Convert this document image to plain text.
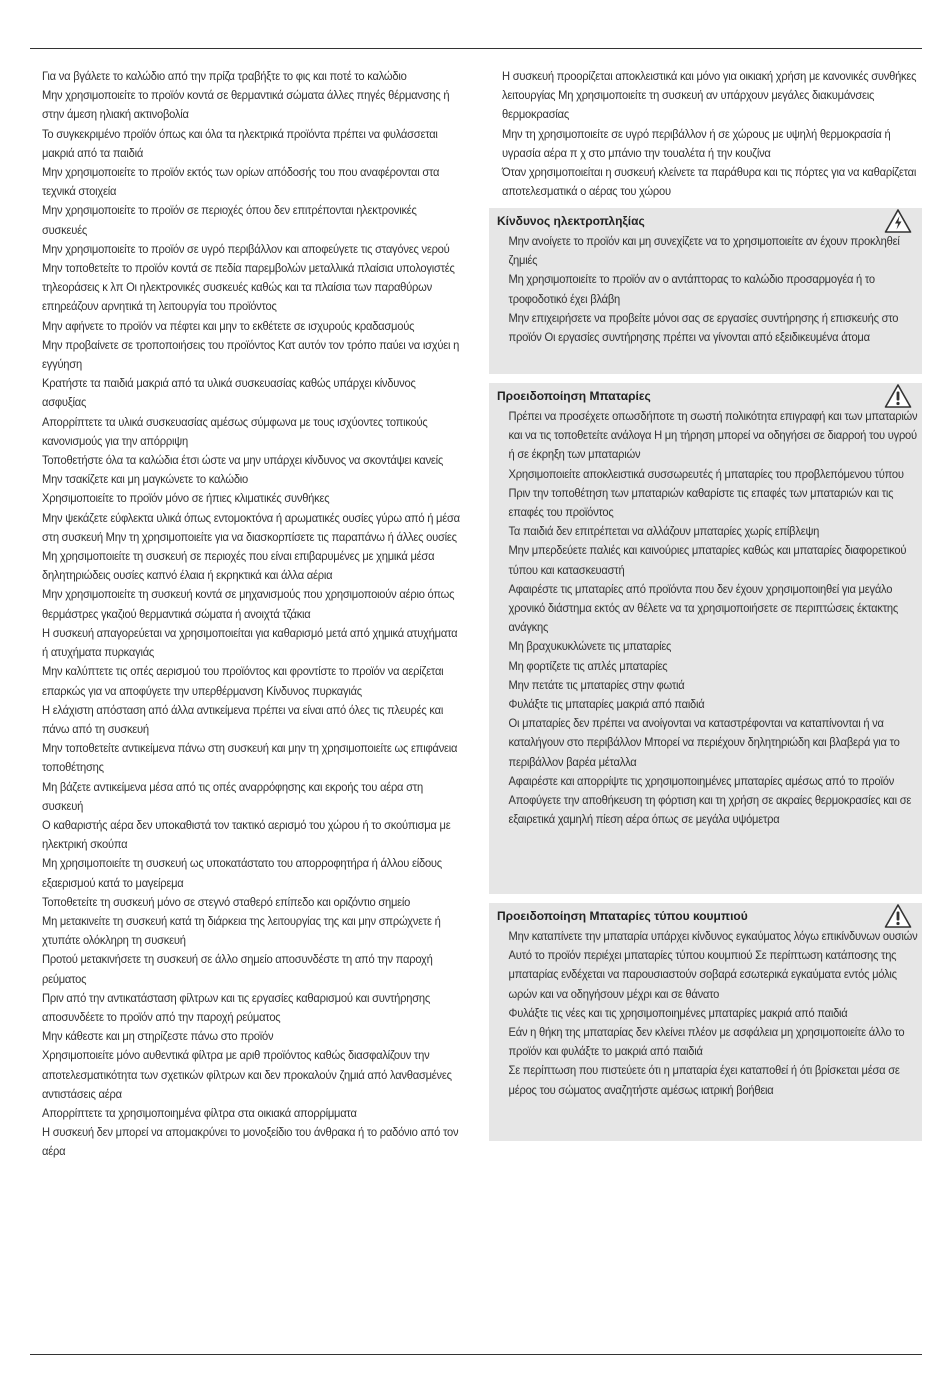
Για να βγάλετε το καλώδιο από την πρίζα τραβήξτε το φις και ποτέ το καλώδιο

Μην χρησιμοποιείτε το προϊόν κοντά σε θερμαντικά σώματα άλλες πηγές θέρμανσης ή στην άμεση ηλιακή ακτινοβολία

Το συγκεκριμένο προϊόν όπως και όλα τα ηλεκτρικά προϊόντα πρέπει να φυλάσσεται μακριά από τα παιδιά

Μην χρησιμοποιείτε το προϊόν εκτός των ορίων απόδοσής του που αναφέρονται στα τεχνικά στοιχεία

Μην χρησιμοποιείτε το προϊόν σε περιοχές όπου δεν επιτρέπονται ηλεκτρονικές συσκευές

Μην χρησιμοποιείτε το προϊόν σε υγρό περιβάλλον και αποφεύγετε τις σταγόνες νερού

Μην τοποθετείτε το προϊόν κοντά σε πεδία παρεμβολών μεταλλικά πλαίσια υπολογιστές τηλεοράσεις κ λπ Οι ηλεκτρονικές συσκευές καθώς και τα πλαίσια των παραθύρων επηρεάζουν αρνητικά τη λειτουργία του προϊόντος

Μην αφήνετε το προϊόν να πέφτει και μην το εκθέτετε σε ισχυρούς κραδασμούς

Μην προβαίνετε σε τροποποιήσεις του προϊόντος Κατ αυτόν τον τρόπο παύει να ισχύει η εγγύηση

Κρατήστε τα παιδιά μακριά από τα υλικά συσκευασίας καθώς υπάρχει κίνδυνος ασφυξίας

Απορρίπτετε τα υλικά συσκευασίας αμέσως σύμφωνα με τους ισχύοντες τοπικούς κανονισμούς για την απόρριψη

Τοποθετήστε όλα τα καλώδια έτσι ώστε να μην υπάρχει κίνδυνος να σκοντάψει κανείς

Μην τσακίζετε και μη μαγκώνετε το καλώδιο

Χρησιμοποιείτε το προϊόν μόνο σε ήπιες κλιματικές συνθήκες

Μην ψεκάζετε εύφλεκτα υλικά όπως εντομοκτόνα ή αρωματικές ουσίες γύρω από ή μέσα στη συσκευή Μην τη χρησιμοποιείτε για να διασκορπίσετε τις παραπάνω ή άλλες ουσίες

Μη χρησιμοποιείτε τη συσκευή σε περιοχές που είναι επιβαρυμένες με χημικά μέσα δηλητηριώδεις ουσίες καπνό έλαια ή εκρηκτικά και άλλα αέρια

Μην χρησιμοποιείτε τη συσκευή κοντά σε μηχανισμούς που χρησιμοποιούν αέριο όπως θερμάστρες γκαζιού θερμαντικά σώματα ή ανοιχτά τζάκια

Η συσκευή απαγορεύεται να χρησιμοποιείται για καθαρισμό μετά από χημικά ατυχήματα ή ατυχήματα πυρκαγιάς

Μην καλύπτετε τις οπές αερισμού του προϊόντος και φροντίστε το προϊόν να αερίζεται επαρκώς για να αποφύγετε την υπερθέρμανση Κίνδυνος πυρκαγιάς

Η ελάχιστη απόσταση από άλλα αντικείμενα πρέπει να είναι από όλες τις πλευρές και πάνω από τη συσκευή

Μην τοποθετείτε αντικείμενα πάνω στη συσκευή και μην τη χρησιμοποιείτε ως επιφάνεια τοποθέτησης

Μη βάζετε αντικείμενα μέσα από τις οπές αναρρόφησης και εκροής του αέρα στη συσκευή

Ο καθαριστής αέρα δεν υποκαθιστά τον τακτικό αερισμό του χώρου ή το σκούπισμα με ηλεκτρική σκούπα

Μη χρησιμοποιείτε τη συσκευή ως υποκατάστατο του απορροφητήρα ή άλλου είδους εξαερισμού κατά το μαγείρεμα

Τοποθετείτε τη συσκευή μόνο σε στεγνό σταθερό επίπεδο και οριζόντιο σημείο

Μη μετακινείτε τη συσκευή κατά τη διάρκεια της λειτουργίας της και μην σπρώχνετε ή χτυπάτε ολόκληρη τη συσκευή

Προτού μετακινήσετε τη συσκευή σε άλλο σημείο αποσυνδέστε τη από την παροχή ρεύματος

Πριν από την αντικατάσταση φίλτρων και τις εργασίες καθαρισμού και συντήρησης αποσυνδέετε το προϊόν από την παροχή ρεύματος

Μην κάθεστε και μη στηρίζεστε πάνω στο προϊόν

Χρησιμοποιείτε μόνο αυθεντικά φίλτρα με αριθ προϊόντος καθώς διασφαλίζουν την αποτελεσματικότητα των σχετικών φίλτρων και δεν προκαλούν ζημιά από λανθασμένες αντιστάσεις αέρα

Απορρίπτετε τα χρησιμοποιημένα φίλτρα στα οικιακά απορρίμματα

Η συσκευή δεν μπορεί να απομακρύνει το μονοξείδιο του άνθρακα ή το ραδόνιο από τον αέρα

Η συσκευή προορίζεται αποκλειστικά και μόνο για οικιακή χρήση με κανονικές συνθήκες λειτουργίας Μη χρησιμοποιείτε τη συσκευή αν υπάρχουν μεγάλες διακυμάνσεις θερμοκρασίας

Μην τη χρησιμοποιείτε σε υγρό περιβάλλον ή σε χώρους με υψηλή θερμοκρασία ή υγρασία αέρα π χ στο μπάνιο την τουαλέτα ή την κουζίνα

Όταν χρησιμοποιείται η συσκευή κλείνετε τα παράθυρα και τις πόρτες για να καθαρίζεται αποτελεσματικά ο αέρας του χώρου

Κίνδυνος ηλεκτροπληξίας

Μην ανοίγετε το προϊόν και μη συνεχίζετε να το χρησιμοποιείτε αν έχουν προκληθεί ζημιές

Μη χρησιμοποιείτε το προϊόν αν ο αντάπτορας το καλώδιο προσαρμογέα ή το τροφοδοτικό έχει βλάβη

Μην επιχειρήσετε να προβείτε μόνοι σας σε εργασίες συντήρησης ή επισκευής στο προϊόν Οι εργασίες συντήρησης πρέπει να γίνονται από εξειδικευμένα άτομα

Προειδοποίηση Μπαταρίες

Πρέπει να προσέχετε οπωσδήποτε τη σωστή πολικότητα επιγραφή και των μπαταριών και να τις τοποθετείτε ανάλογα Η μη τήρηση μπορεί να οδηγήσει σε διαρροή του υγρού ή σε έκρηξη των μπαταριών

Χρησιμοποιείτε αποκλειστικά συσσωρευτές ή μπαταρίες του προβλεπόμενου τύπου

Πριν την τοποθέτηση των μπαταριών καθαρίστε τις επαφές των μπαταριών και τις επαφές του προϊόντος

Τα παιδιά δεν επιτρέπεται να αλλάζουν μπαταρίες χωρίς επίβλεψη

Μην μπερδεύετε παλιές και καινούριες μπαταρίες καθώς και μπαταρίες διαφορετικού τύπου και κατασκευαστή

Αφαιρέστε τις μπαταρίες από προϊόντα που δεν έχουν χρησιμοποιηθεί για μεγάλο χρονικό διάστημα εκτός αν θέλετε να τα χρησιμοποιήσετε σε περιπτώσεις έκτακτης ανάγκης

Μη βραχυκυκλώνετε τις μπαταρίες

Μη φορτίζετε τις απλές μπαταρίες

Μην πετάτε τις μπαταρίες στην φωτιά

Φυλάξτε τις μπαταρίες μακριά από παιδιά

Οι μπαταρίες δεν πρέπει να ανοίγονται να καταστρέφονται να καταπίνονται ή να καταλήγουν στο περιβάλλον Μπορεί να περιέχουν δηλητηριώδη και βλαβερά για το περιβάλλον βαρέα μέταλλα

Αφαιρέστε και απορρίψτε τις χρησιμοποιημένες μπαταρίες αμέσως από το προϊόν

Αποφύγετε την αποθήκευση τη φόρτιση και τη χρήση σε ακραίες θερμοκρασίες και σε εξαιρετικά χαμηλή πίεση αέρα όπως σε μεγάλα υψόμετρα

Προειδοποίηση Μπαταρίες τύπου κουμπιού

Μην καταπίνετε την μπαταρία υπάρχει κίνδυνος εγκαύματος λόγω επικίνδυνων ουσιών

Αυτό το προϊόν περιέχει μπαταρίες τύπου κουμπιού Σε περίπτωση κατάποσης της μπαταρίας ενδέχεται να παρουσιαστούν σοβαρά εσωτερικά εγκαύματα εντός μόλις ωρών και να οδηγήσουν μέχρι και σε θάνατο

Φυλάξτε τις νέες και τις χρησιμοποιημένες μπαταρίες μακριά από παιδιά

Εάν η θήκη της μπαταρίας δεν κλείνει πλέον με ασφάλεια μη χρησιμοποιείτε άλλο το προϊόν και φυλάξτε το μακριά από παιδιά

Σε περίπτωση που πιστεύετε ότι η μπαταρία έχει καταποθεί ή ότι βρίσκεται μέσα σε μέρος του σώματος αναζητήστε αμέσως ιατρική βοήθεια
